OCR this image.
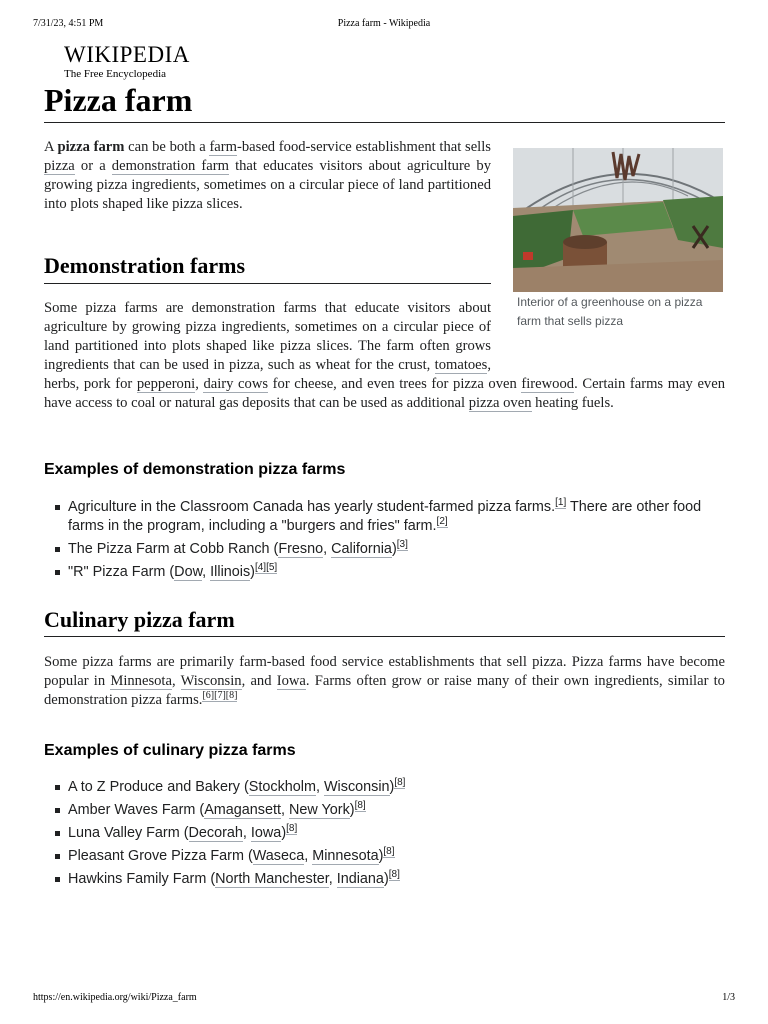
7/31/23, 4:51 PM	Pizza farm - Wikipedia
WIKIPEDIA
The Free Encyclopedia
Pizza farm
Interior of a greenhouse on a pizza farm that sells pizza

A pizza farm can be both a farm-based food-service establishment that sells pizza or a demonstration farm that educates visitors about agriculture by growing pizza ingredients, sometimes on a circular piece of land partitioned into plots shaped like pizza slices.

Demonstration farms

Some pizza farms are demonstration farms that educate visitors about agriculture by growing pizza ingredients, sometimes on a circular piece of land partitioned into plots shaped like pizza slices. The farm often grows ingredients that can be used in pizza, such as wheat for the crust, tomatoes, herbs, pork for pepperoni, dairy cows for cheese, and even trees for pizza oven firewood. Certain farms may even have access to coal or natural gas deposits that can be used as additional pizza oven heating fuels.

Examples of demonstration pizza farms
Agriculture in the Classroom Canada has yearly student-farmed pizza farms.[1] There are other food farms in the program, including a "burgers and fries" farm.[2]
The Pizza Farm at Cobb Ranch (Fresno, California)[3]
"R" Pizza Farm (Dow, Illinois)[4][5]
Culinary pizza farm

Some pizza farms are primarily farm-based food service establishments that sell pizza. Pizza farms have become popular in Minnesota, Wisconsin, and Iowa. Farms often grow or raise many of their own ingredients, similar to demonstration pizza farms.[6][7][8]

Examples of culinary pizza farms
A to Z Produce and Bakery (Stockholm, Wisconsin)[8]
Amber Waves Farm (Amagansett, New York)[8]
Luna Valley Farm (Decorah, Iowa)[8]
Pleasant Grove Pizza Farm (Waseca, Minnesota)[8]
Hawkins Family Farm (North Manchester, Indiana)[8]
https://en.wikipedia.org/wiki/Pizza_farm	1/3
